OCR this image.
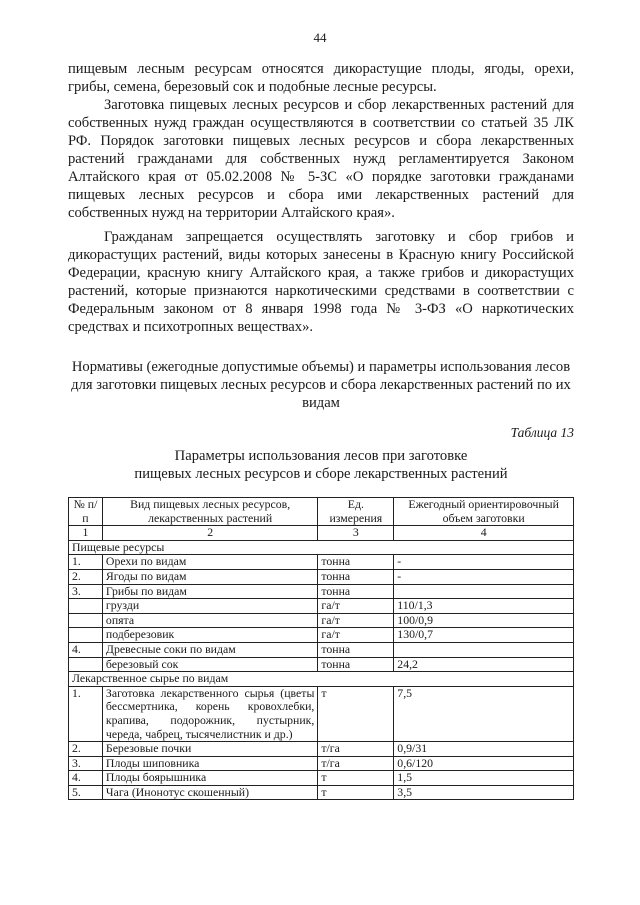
44

пищевым лесным ресурсам относятся дикорастущие плоды, ягоды, орехи, грибы, семена, березовый сок и подобные лесные ресурсы.

Заготовка пищевых лесных ресурсов и сбор лекарственных растений для собственных нужд граждан осуществляются в соответствии со статьей 35 ЛК РФ. Порядок заготовки пищевых лесных ресурсов и сбора лекарственных растений гражданами для собственных нужд регламентируется Законом Алтайского края от 05.02.2008 № 5-ЗС «О порядке заготовки гражданами пищевых лесных ресурсов и сбора ими лекарственных растений для собственных нужд на территории Алтайского края».

Гражданам запрещается осуществлять заготовку и сбор грибов и дикорастущих растений, виды которых занесены в Красную книгу Российской Федерации, красную книгу Алтайского края, а также грибов и дикорастущих растений, которые признаются наркотическими средствами в соответствии с Федеральным законом от 8 января 1998 года № 3-ФЗ «О наркотических средствах и психотропных веществах».

Нормативы (ежегодные допустимые объемы) и параметры использования лесов для заготовки пищевых лесных ресурсов и сбора лекарственных растений по их видам
Таблица 13
Параметры использования лесов при заготовке
пищевых лесных ресурсов и сборе лекарственных растений
№ п/п	Вид пищевых лесных ресурсов, лекарственных растений	Ед. измерения	Ежегодный ориентировочный объем заготовки
1	2	3	4
Пищевые ресурсы			
1.	Орехи по видам	тонна	-
2.	Ягоды по видам	тонна	-
3.	Грибы по видам	тонна	
	грузди	га/т	110/1,3
	опята	га/т	100/0,9
	подберезовик	га/т	130/0,7
4.	Древесные соки по видам	тонна	
	березовый сок	тонна	24,2
Лекарственное сырье по видам			
1.	Заготовка лекарственного сырья (цветы бессмертника, корень кровохлебки, крапива, подорожник, пустырник, череда, чабрец, тысячелистник и др.)	т	7,5
2.	Березовые почки	т/га	0,9/31
3.	Плоды шиповника	т/га	0,6/120
4.	Плоды боярышника	т	1,5
5.	Чага (Инонотус скошенный)	т	3,5
